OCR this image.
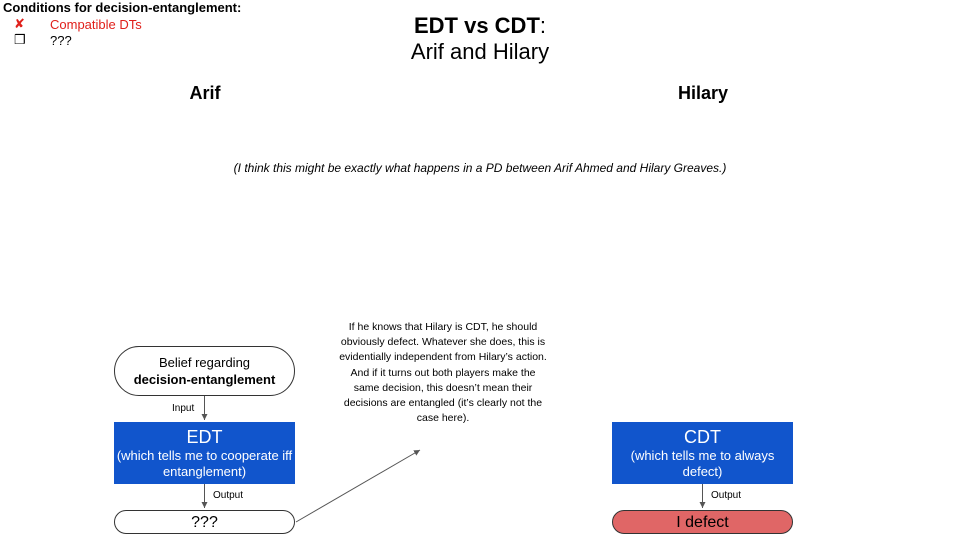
Conditions for decision-entanglement:
✘	Compatible DTs
❒	???
EDT vs CDT:
Arif and Hilary
Arif	Hilary
(I think this might be exactly what happens in a PD between Arif Ahmed and Hilary Greaves.)
Belief regarding
decision-entanglement
Input
EDT
(which tells me to cooperate iff entanglement)
Output
???
CDT
(which tells me to always defect)
Output
I defect
If he knows that Hilary is CDT, he should obviously defect. Whatever she does, this is evidentially independent from Hilary’s action. And if it turns out both players make the same decision, this doesn’t mean their decisions are entangled (it’s clearly not the case here).
